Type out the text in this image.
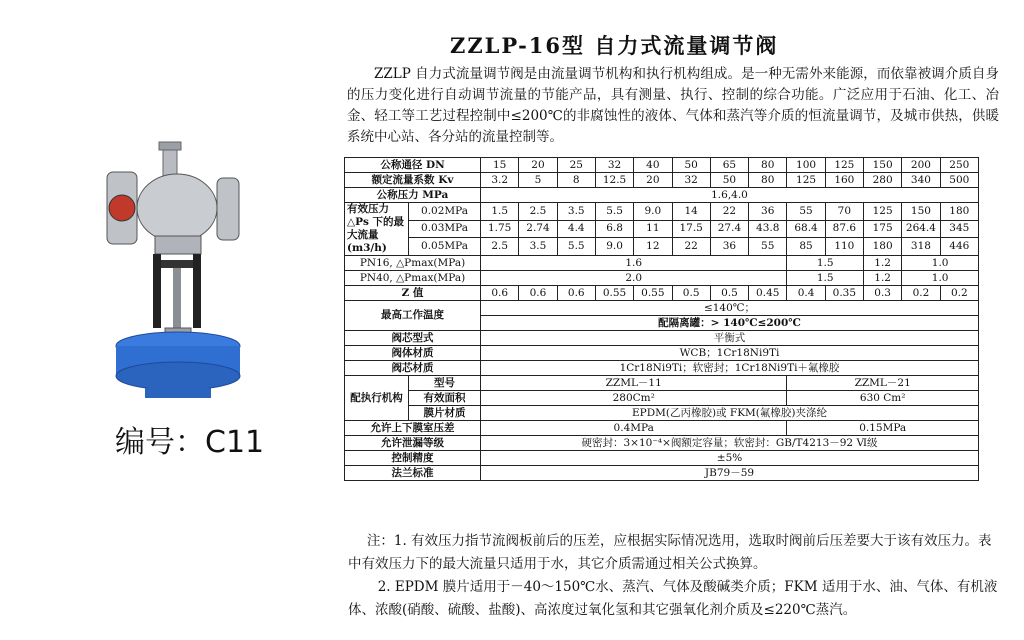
编号：C11
ZZLP-16型 自力式流量调节阀

ZZLP 自力式流量调节阀是由流量调节机构和执行机构组成。是一种无需外来能源，而依靠被调介质自身的压力变化进行自动调节流量的节能产品，具有测量、执行、控制的综合功能。广泛应用于石油、化工、冶金、轻工等工艺过程控制中≤200℃的非腐蚀性的液体、气体和蒸汽等介质的恒流量调节，及城市供热，供暖系统中心站、各分站的流量控制等。

公称通径 DN		15	20	25	32	40	50	65	80	100	125	150	200	250
额定流量系数 Kv		3.2	5	8	12.5	20	32	50	80	125	160	280	340	500
公称压力 MPa		1.6,4.0												
有效压力 △Ps 下的最大流量 (m3/h)	0.02MPa	1.5	2.5	3.5	5.5	9.0	14	22	36	55	70	125	150	180
	0.03MPa	1.75	2.74	4.4	6.8	11	17.5	27.4	43.8	68.4	87.6	175	264.4	345
	0.05MPa	2.5	3.5	5.5	9.0	12	22	36	55	85	110	180	318	446
PN16, △Pmax(MPa)		1.6								1.5		1.2	1.0	
PN40, △Pmax(MPa)		2.0								1.5		1.2	1.0	
Z 值		0.6	0.6	0.6	0.55	0.55	0.5	0.5	0.45	0.4	0.35	0.3	0.2	0.2
最高工作温度		≤140℃；												
		配隔离罐：> 140℃≤200℃												
阀芯型式		平衡式												
阀体材质		WCB；1Cr18Ni9Ti												
阀芯材质		1Cr18Ni9Ti；软密封；1Cr18Ni9Ti＋氟橡胶												
配执行机构	型号	ZZML－11								ZZML－21				
	有效面积	280Cm²								630 Cm²				
	膜片材质	EPDM(乙丙橡胶)或 FKM(氟橡胶)夹涤纶												
允许上下膜室压差		0.4MPa								0.15MPa				
允许泄漏等级		硬密封：3×10⁻⁴×阀额定容量；软密封：GB/T4213－92 Ⅵ级												
控制精度		±5%												
法兰标准		JB79－59												

注：1. 有效压力指节流阀板前后的压差，应根据实际情况选用，选取时阀前后压差要大于该有效压力。表中有效压力下的最大流量只适用于水，其它介质需通过相关公式换算。

2. EPDM 膜片适用于－40～150℃水、蒸汽、气体及酸碱类介质；FKM 适用于水、油、气体、有机液体、浓酸(硝酸、硫酸、盐酸)、高浓度过氧化氢和其它强氧化剂介质及≤220℃蒸汽。
